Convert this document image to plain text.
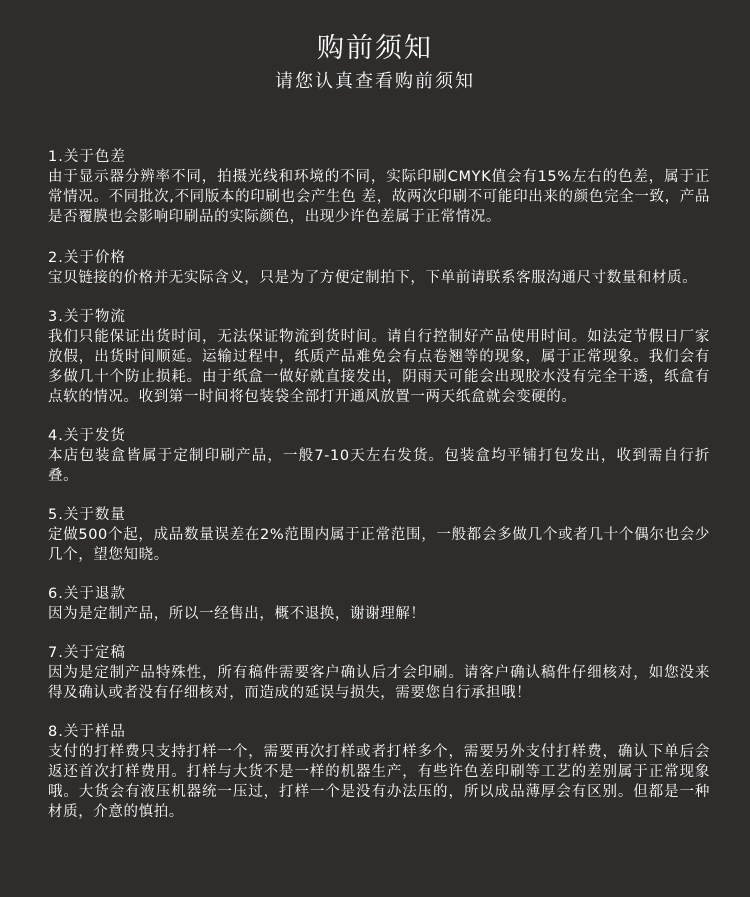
购前须知
请您认真查看购前须知
1.关于色差
由于显示器分辨率不同，拍摄光线和环境的不同，实际印刷CMYK值会有15%左右的色差，属于正常情况。不同批次,不同版本的印刷也会产生色 差，故两次印刷不可能印出来的颜色完全一致，产品是否覆膜也会影响印刷品的实际颜色，出现少许色差属于正常情况。
2.关于价格
宝贝链接的价格并无实际含义，只是为了方便定制拍下，下单前请联系客服沟通尺寸数量和材质。
3.关于物流
我们只能保证出货时间，无法保证物流到货时间。请自行控制好产品使用时间。如法定节假日厂家放假，出货时间顺延。运输过程中，纸质产品难免会有点卷翘等的现象，属于正常现象。我们会有多做几十个防止损耗。由于纸盒一做好就直接发出，阴雨天可能会出现胶水没有完全干透，纸盒有点软的情况。收到第一时间将包装袋全部打开通风放置一两天纸盒就会变硬的。
4.关于发货
本店包装盒皆属于定制印刷产品，一般7-10天左右发货。包装盒均平铺打包发出，收到需自行折叠。
5.关于数量
定做500个起，成品数量误差在2%范围内属于正常范围，一般都会多做几个或者几十个偶尔也会少几个，望您知晓。
6.关于退款
因为是定制产品，所以一经售出，概不退换，谢谢理解！
7.关于定稿
因为是定制产品特殊性，所有稿件需要客户确认后才会印刷。请客户确认稿件仔细核对，如您没来得及确认或者没有仔细核对，而造成的延误与损失，需要您自行承担哦！
8.关于样品
支付的打样费只支持打样一个，需要再次打样或者打样多个，需要另外支付打样费，确认下单后会返还首次打样费用。打样与大货不是一样的机器生产，有些许色差印刷等工艺的差别属于正常现象哦。大货会有液压机器统一压过，打样一个是没有办法压的，所以成品薄厚会有区别。但都是一种材质，介意的慎拍。
